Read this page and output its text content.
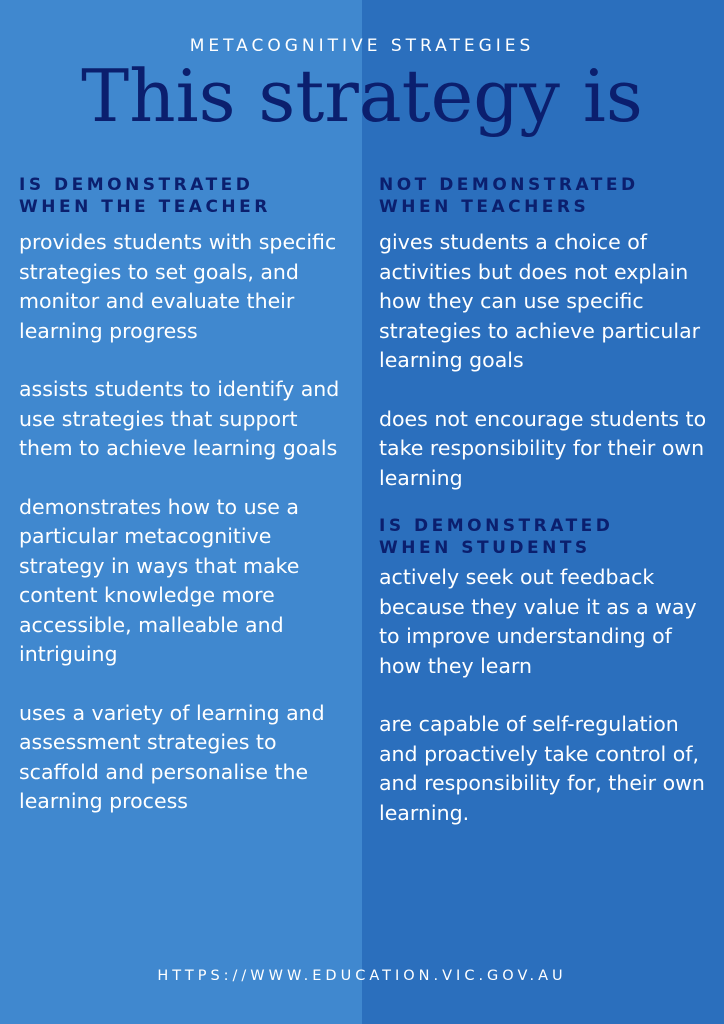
METACOGNITIVE STRATEGIES
This strategy is
IS DEMONSTRATED
WHEN THE TEACHER
provides students with specific strategies to set goals, and monitor and evaluate their learning progress
assists students to identify and use strategies that support them to achieve learning goals
demonstrates how to use a particular metacognitive strategy in ways that make content knowledge more accessible, malleable and intriguing
uses a variety of learning and assessment strategies to scaffold and personalise the learning process
NOT DEMONSTRATED
WHEN TEACHERS
gives students a choice of activities but does not explain how they can use specific strategies to achieve particular learning goals
does not encourage students to take responsibility for their own learning
IS DEMONSTRATED
WHEN STUDENTS
actively seek out feedback because they value it as a way to improve understanding of how they learn
are capable of self-regulation and proactively take control of, and responsibility for, their own learning.
HTTPS://WWW.EDUCATION.VIC.GOV.AU
